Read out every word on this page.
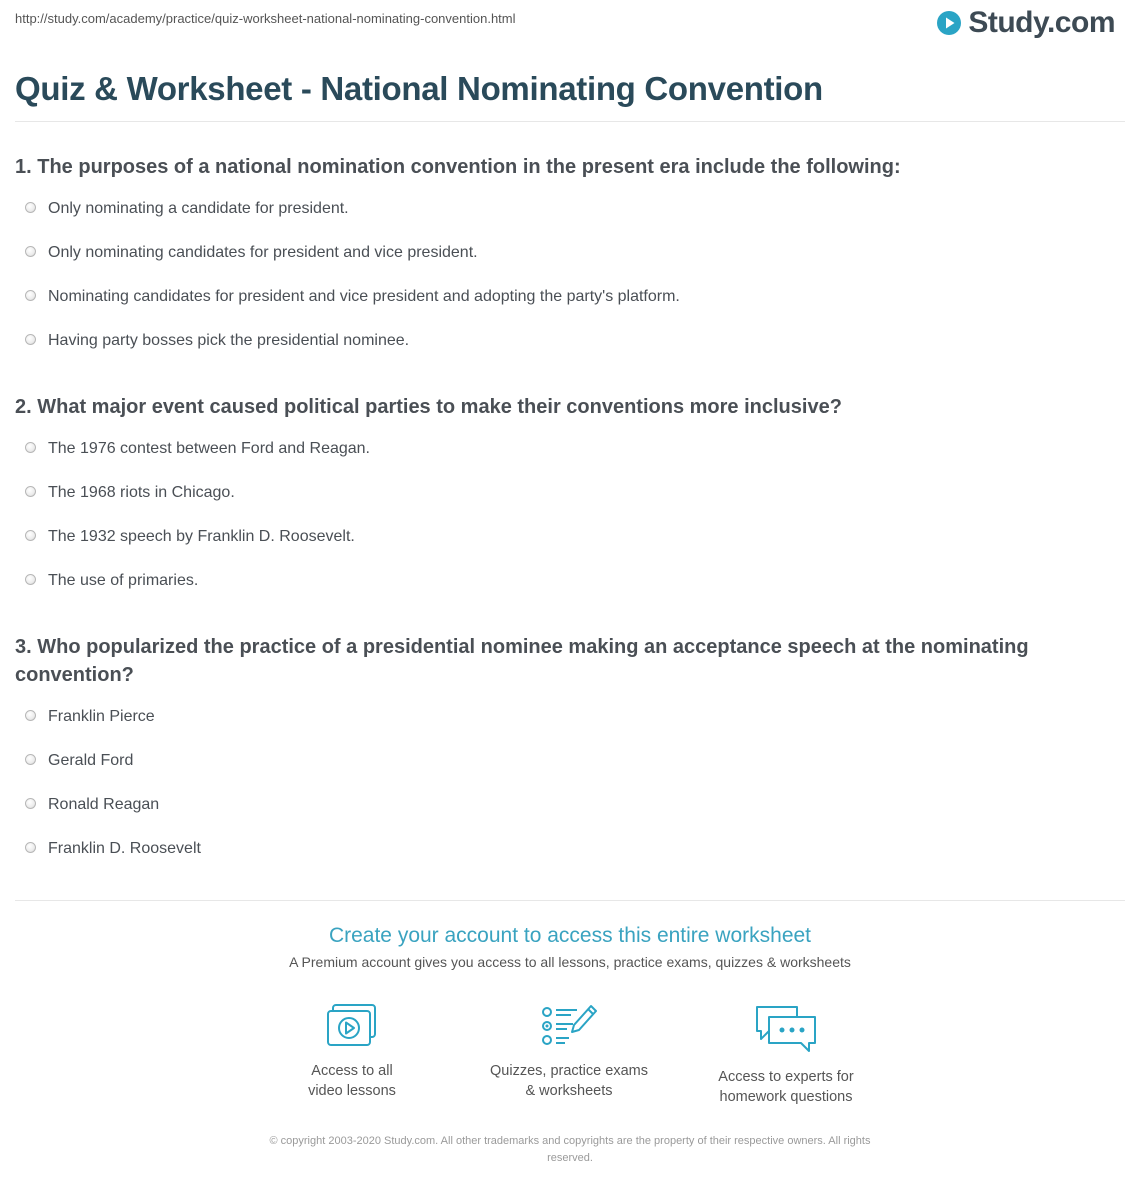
http://study.com/academy/practice/quiz-worksheet-national-nominating-convention.html	Study.com
Quiz & Worksheet - National Nominating Convention
1. The purposes of a national nomination convention in the present era include the following:
Only nominating a candidate for president.
Only nominating candidates for president and vice president.
Nominating candidates for president and vice president and adopting the party's platform.
Having party bosses pick the presidential nominee.
2. What major event caused political parties to make their conventions more inclusive?
The 1976 contest between Ford and Reagan.
The 1968 riots in Chicago.
The 1932 speech by Franklin D. Roosevelt.
The use of primaries.
3. Who popularized the practice of a presidential nominee making an acceptance speech at the nominating convention?
Franklin Pierce
Gerald Ford
Ronald Reagan
Franklin D. Roosevelt
Create your account to access this entire worksheet
A Premium account gives you access to all lessons, practice exams, quizzes & worksheets
Access to all
video lessons
Quizzes, practice exams
& worksheets
Access to experts for
homework questions
© copyright 2003-2020 Study.com. All other trademarks and copyrights are the property of their respective owners. All rights
reserved.
